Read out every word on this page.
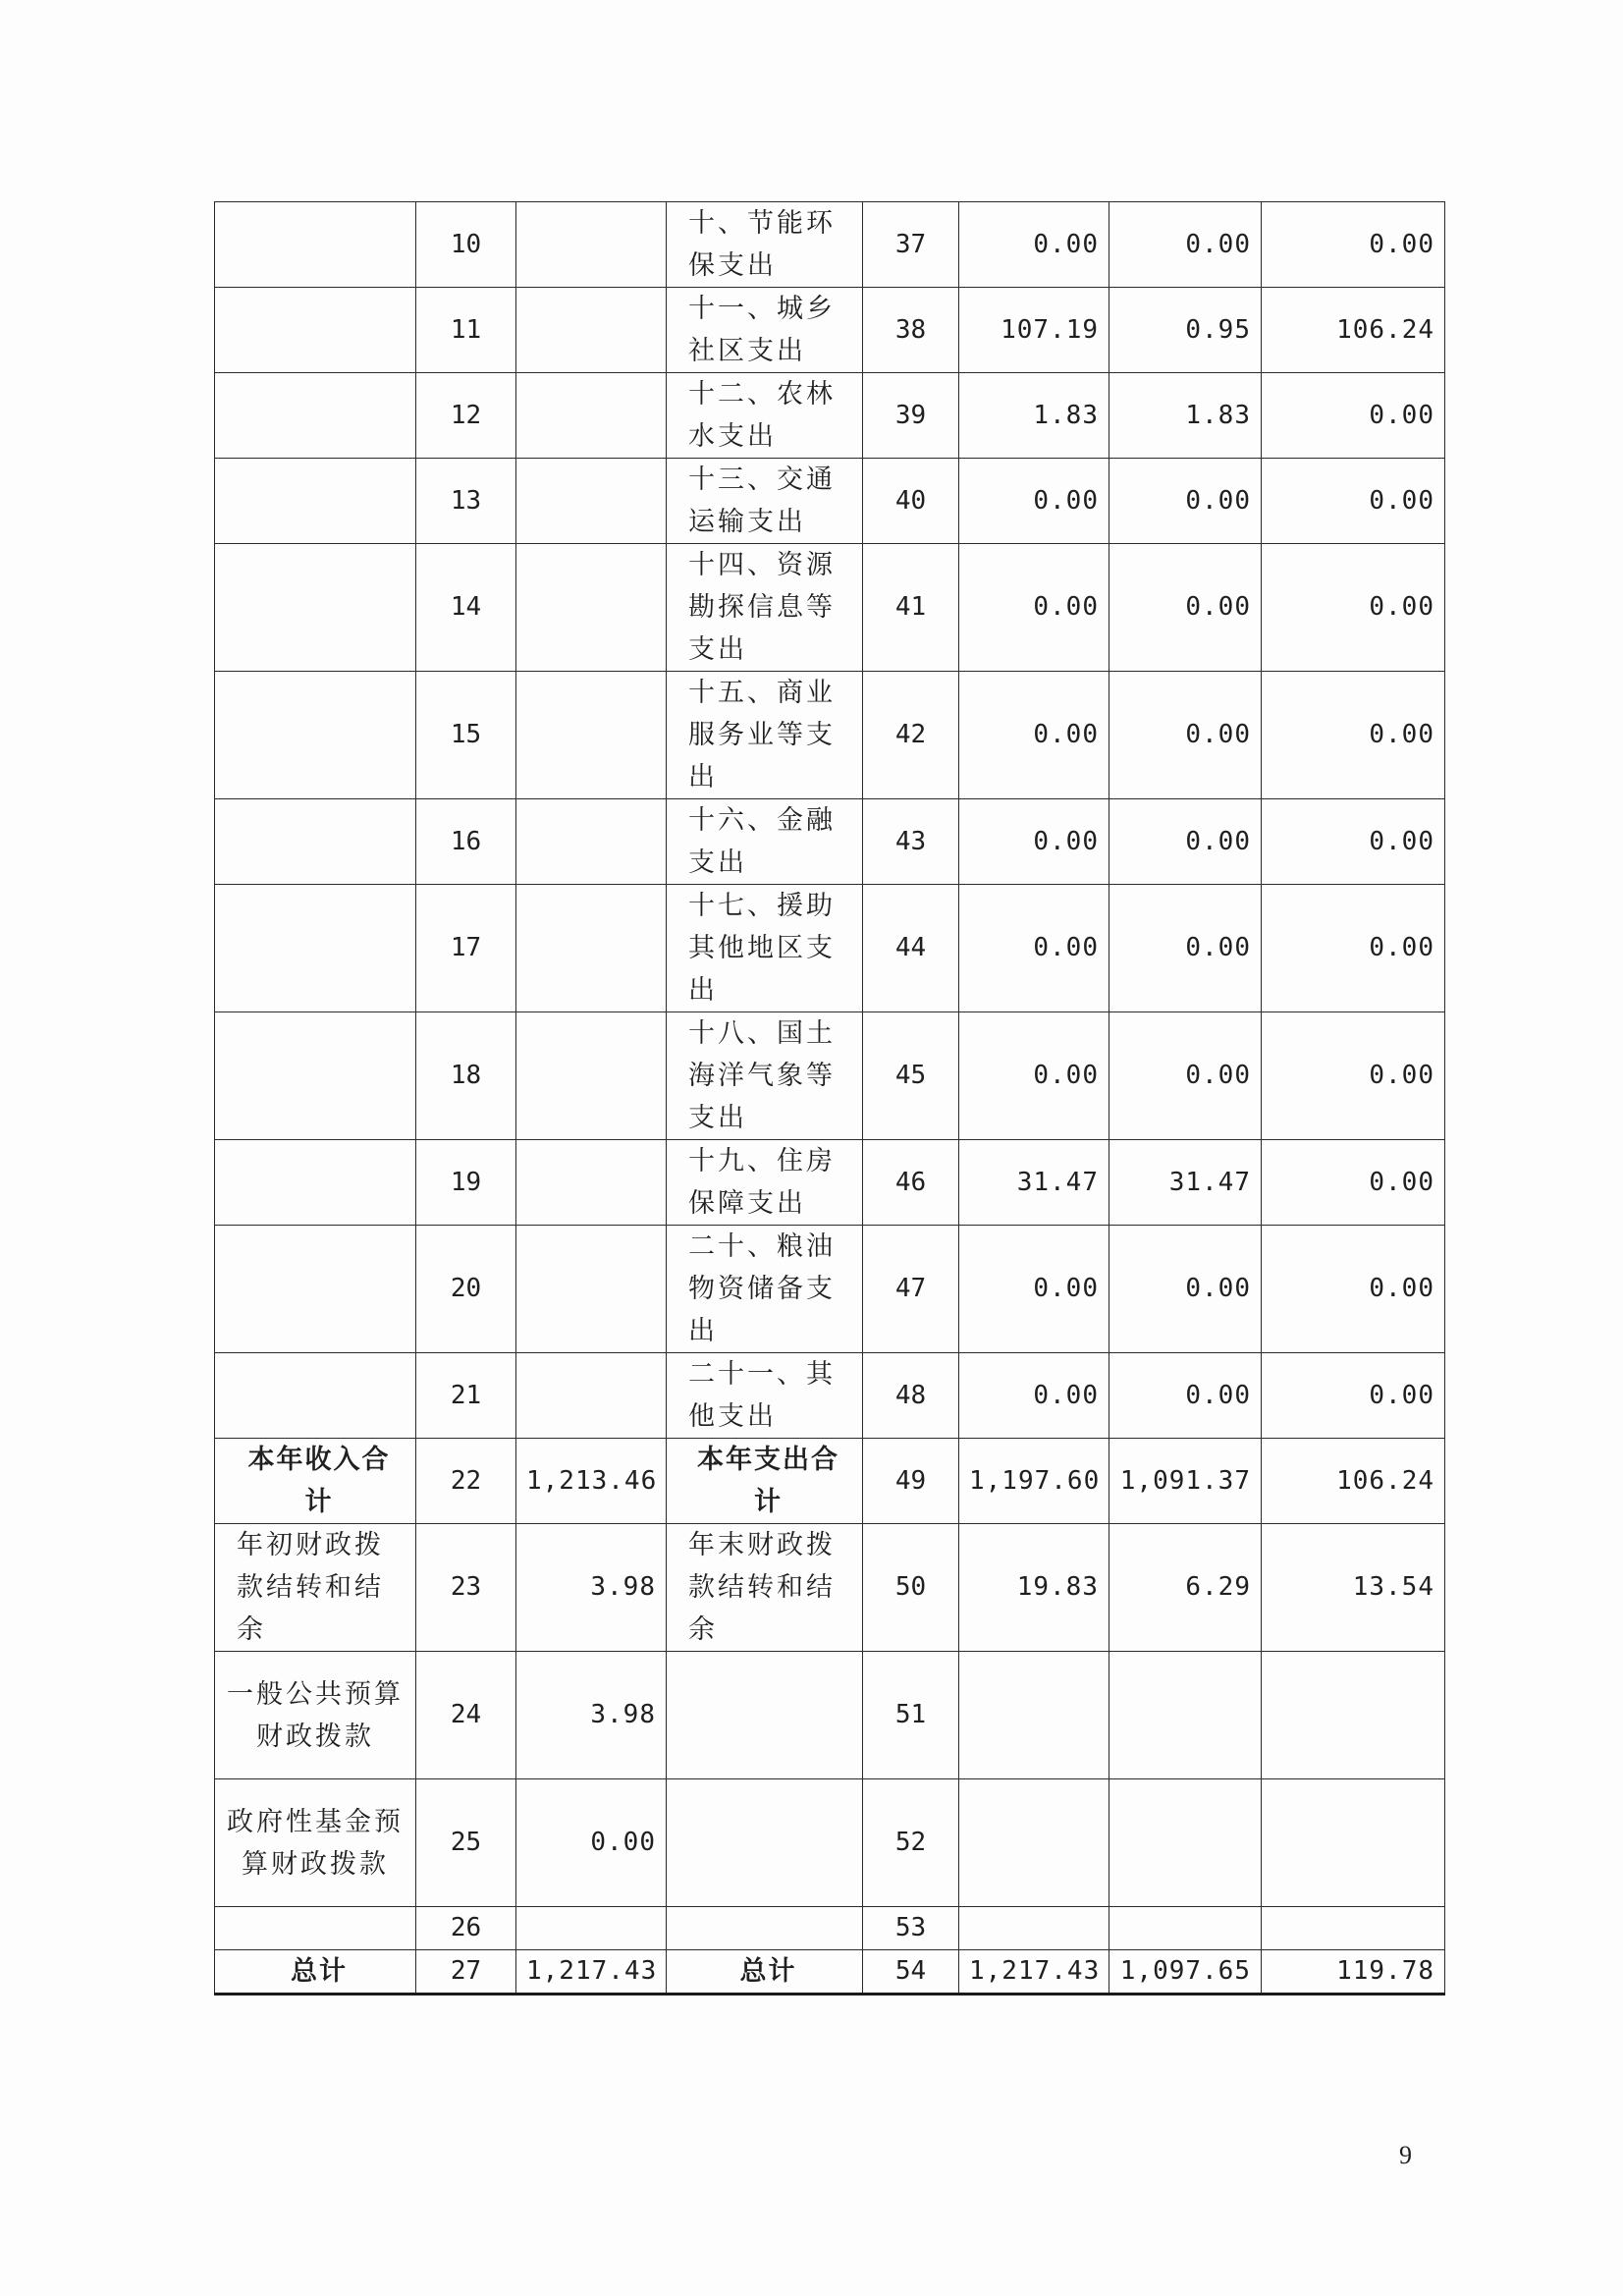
	10		十、节能环保支出	37	0.00	0.00	0.00
	11		十一、城乡社区支出	38	107.19	0.95	106.24
	12		十二、农林水支出	39	1.83	1.83	0.00
	13		十三、交通运输支出	40	0.00	0.00	0.00
	14		十四、资源勘探信息等支出	41	0.00	0.00	0.00
	15		十五、商业服务业等支出	42	0.00	0.00	0.00
	16		十六、金融支出	43	0.00	0.00	0.00
	17		十七、援助其他地区支出	44	0.00	0.00	0.00
	18		十八、国土海洋气象等支出	45	0.00	0.00	0.00
	19		十九、住房保障支出	46	31.47	31.47	0.00
	20		二十、粮油物资储备支出	47	0.00	0.00	0.00
	21		二十一、其他支出	48	0.00	0.00	0.00
本年收入合计	22	1,213.46	本年支出合计	49	1,197.60	1,091.37	106.24
年初财政拨款结转和结余	23	3.98	年末财政拨款结转和结余	50	19.83	6.29	13.54
一般公共预算财政拨款	24	3.98		51			
政府性基金预算财政拨款	25	0.00		52			
	26			53			
总计	27	1,217.43	总计	54	1,217.43	1,097.65	119.78
9
